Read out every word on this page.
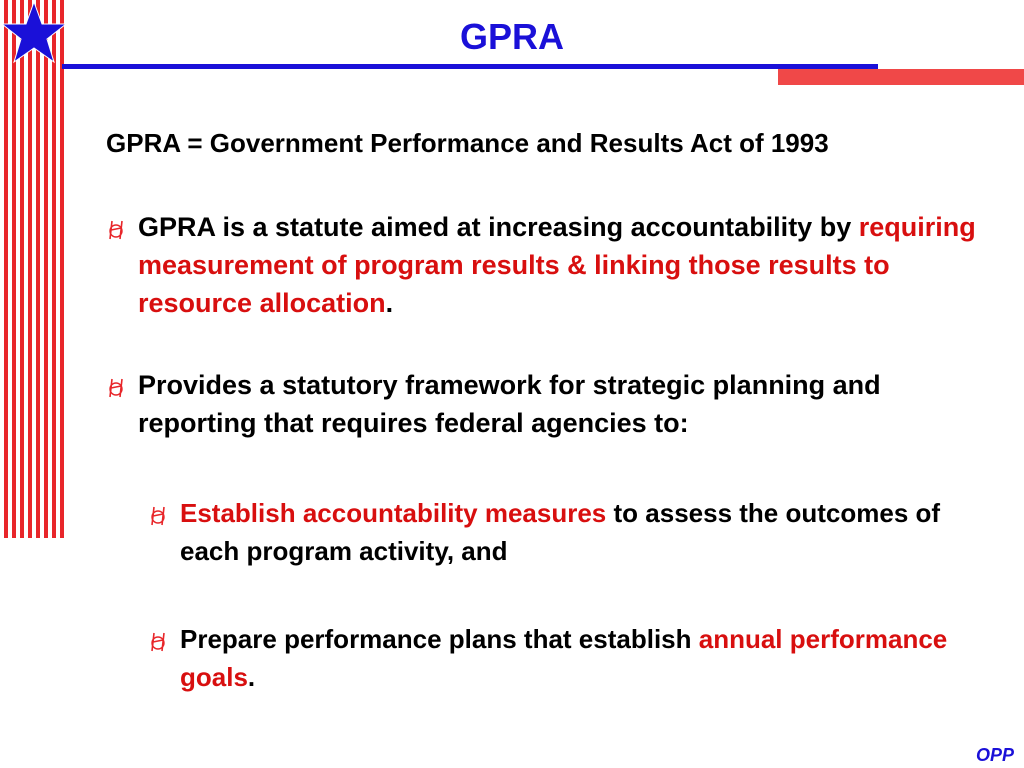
GPRA
GPRA = Government Performance and Results Act of 1993
GPRA is a statute aimed at increasing accountability by requiring measurement of program results & linking those results to resource allocation.
Provides a statutory framework for strategic planning and reporting that requires federal agencies to:
Establish accountability measures to assess the outcomes of each program activity, and
Prepare performance plans that establish annual performance goals.
OPP
